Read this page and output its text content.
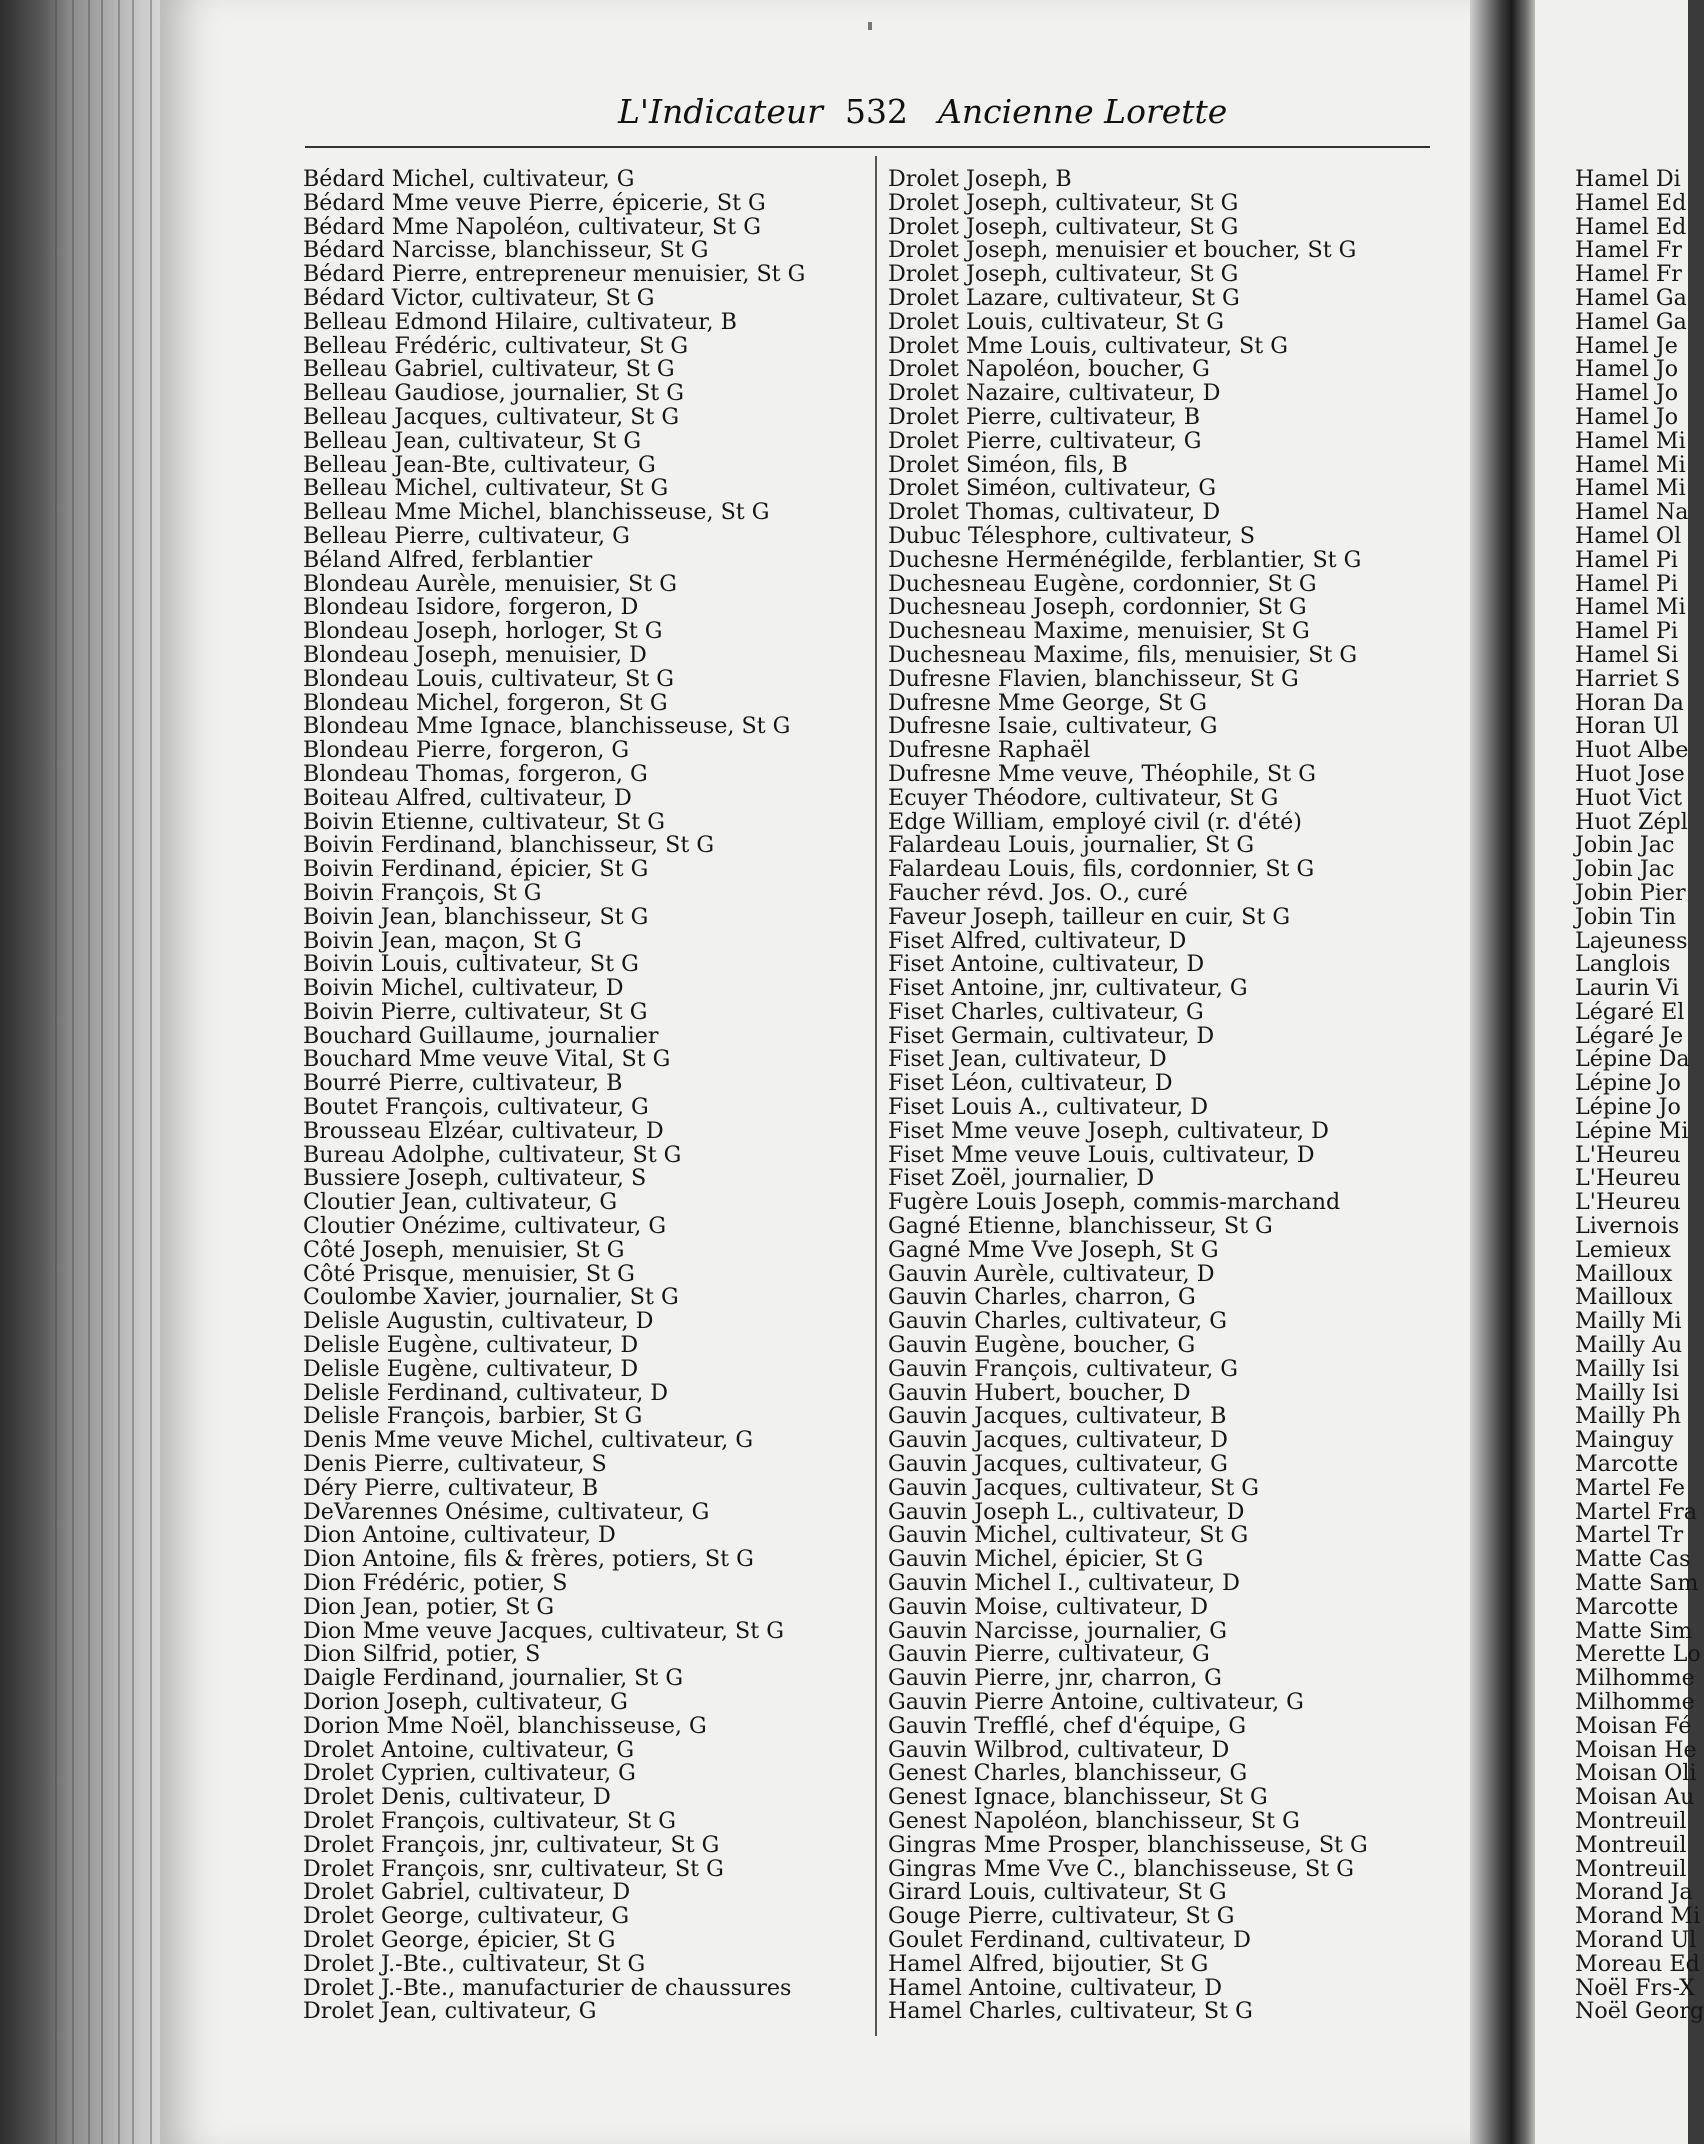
L'Indicateur 532 Ancienne Lorette
Bédard Michel, cultivateur, G
Bédard Mme veuve Pierre, épicerie, St G
Bédard Mme Napoléon, cultivateur, St G
Bédard Narcisse, blanchisseur, St G
Bédard Pierre, entrepreneur menuisier, St G
Bédard Victor, cultivateur, St G
Belleau Edmond Hilaire, cultivateur, B
Belleau Frédéric, cultivateur, St G
Belleau Gabriel, cultivateur, St G
Belleau Gaudiose, journalier, St G
Belleau Jacques, cultivateur, St G
Belleau Jean, cultivateur, St G
Belleau Jean-Bte, cultivateur, G
Belleau Michel, cultivateur, St G
Belleau Mme Michel, blanchisseuse, St G
Belleau Pierre, cultivateur, G
Béland Alfred, ferblantier
Blondeau Aurèle, menuisier, St G
Blondeau Isidore, forgeron, D
Blondeau Joseph, horloger, St G
Blondeau Joseph, menuisier, D
Blondeau Louis, cultivateur, St G
Blondeau Michel, forgeron, St G
Blondeau Mme Ignace, blanchisseuse, St G
Blondeau Pierre, forgeron, G
Blondeau Thomas, forgeron, G
Boiteau Alfred, cultivateur, D
Boivin Etienne, cultivateur, St G
Boivin Ferdinand, blanchisseur, St G
Boivin Ferdinand, épicier, St G
Boivin François, St G
Boivin Jean, blanchisseur, St G
Boivin Jean, maçon, St G
Boivin Louis, cultivateur, St G
Boivin Michel, cultivateur, D
Boivin Pierre, cultivateur, St G
Bouchard Guillaume, journalier
Bouchard Mme veuve Vital, St G
Bourré Pierre, cultivateur, B
Boutet François, cultivateur, G
Brousseau Elzéar, cultivateur, D
Bureau Adolphe, cultivateur, St G
Bussiere Joseph, cultivateur, S
Cloutier Jean, cultivateur, G
Cloutier Onézime, cultivateur, G
Côté Joseph, menuisier, St G
Côté Prisque, menuisier, St G
Coulombe Xavier, journalier, St G
Delisle Augustin, cultivateur, D
Delisle Eugène, cultivateur, D
Delisle Eugène, cultivateur, D
Delisle Ferdinand, cultivateur, D
Delisle François, barbier, St G
Denis Mme veuve Michel, cultivateur, G
Denis Pierre, cultivateur, S
Déry Pierre, cultivateur, B
DeVarennes Onésime, cultivateur, G
Dion Antoine, cultivateur, D
Dion Antoine, fils & frères, potiers, St G
Dion Frédéric, potier, S
Dion Jean, potier, St G
Dion Mme veuve Jacques, cultivateur, St G
Dion Silfrid, potier, S
Daigle Ferdinand, journalier, St G
Dorion Joseph, cultivateur, G
Dorion Mme Noël, blanchisseuse, G
Drolet Antoine, cultivateur, G
Drolet Cyprien, cultivateur, G
Drolet Denis, cultivateur, D
Drolet François, cultivateur, St G
Drolet François, jnr, cultivateur, St G
Drolet François, snr, cultivateur, St G
Drolet Gabriel, cultivateur, D
Drolet George, cultivateur, G
Drolet George, épicier, St G
Drolet J.-Bte., cultivateur, St G
Drolet J.-Bte., manufacturier de chaussures
Drolet Jean, cultivateur, G
Drolet Joseph, B
Drolet Joseph, cultivateur, St G
Drolet Joseph, cultivateur, St G
Drolet Joseph, menuisier et boucher, St G
Drolet Joseph, cultivateur, St G
Drolet Lazare, cultivateur, St G
Drolet Louis, cultivateur, St G
Drolet Mme Louis, cultivateur, St G
Drolet Napoléon, boucher, G
Drolet Nazaire, cultivateur, D
Drolet Pierre, cultivateur, B
Drolet Pierre, cultivateur, G
Drolet Siméon, fils, B
Drolet Siméon, cultivateur, G
Drolet Thomas, cultivateur, D
Dubuc Télesphore, cultivateur, S
Duchesne Herménégilde, ferblantier, St G
Duchesneau Eugène, cordonnier, St G
Duchesneau Joseph, cordonnier, St G
Duchesneau Maxime, menuisier, St G
Duchesneau Maxime, fils, menuisier, St G
Dufresne Flavien, blanchisseur, St G
Dufresne Mme George, St G
Dufresne Isaie, cultivateur, G
Dufresne Raphaël
Dufresne Mme veuve, Théophile, St G
Ecuyer Théodore, cultivateur, St G
Edge William, employé civil (r. d'été)
Falardeau Louis, journalier, St G
Falardeau Louis, fils, cordonnier, St G
Faucher révd. Jos. O., curé
Faveur Joseph, tailleur en cuir, St G
Fiset Alfred, cultivateur, D
Fiset Antoine, cultivateur, D
Fiset Antoine, jnr, cultivateur, G
Fiset Charles, cultivateur, G
Fiset Germain, cultivateur, D
Fiset Jean, cultivateur, D
Fiset Léon, cultivateur, D
Fiset Louis A., cultivateur, D
Fiset Mme veuve Joseph, cultivateur, D
Fiset Mme veuve Louis, cultivateur, D
Fiset Zoël, journalier, D
Fugère Louis Joseph, commis-marchand
Gagné Etienne, blanchisseur, St G
Gagné Mme Vve Joseph, St G
Gauvin Aurèle, cultivateur, D
Gauvin Charles, charron, G
Gauvin Charles, cultivateur, G
Gauvin Eugène, boucher, G
Gauvin François, cultivateur, G
Gauvin Hubert, boucher, D
Gauvin Jacques, cultivateur, B
Gauvin Jacques, cultivateur, D
Gauvin Jacques, cultivateur, G
Gauvin Jacques, cultivateur, St G
Gauvin Joseph L., cultivateur, D
Gauvin Michel, cultivateur, St G
Gauvin Michel, épicier, St G
Gauvin Michel I., cultivateur, D
Gauvin Moise, cultivateur, D
Gauvin Narcisse, journalier, G
Gauvin Pierre, cultivateur, G
Gauvin Pierre, jnr, charron, G
Gauvin Pierre Antoine, cultivateur, G
Gauvin Trefflé, chef d'équipe, G
Gauvin Wilbrod, cultivateur, D
Genest Charles, blanchisseur, G
Genest Ignace, blanchisseur, St G
Genest Napoléon, blanchisseur, St G
Gingras Mme Prosper, blanchisseuse, St G
Gingras Mme Vve C., blanchisseuse, St G
Girard Louis, cultivateur, St G
Gouge Pierre, cultivateur, St G
Goulet Ferdinand, cultivateur, D
Hamel Alfred, bijoutier, St G
Hamel Antoine, cultivateur, D
Hamel Charles, cultivateur, St G
Hamel Di
Hamel Ed
Hamel Ed
Hamel Fr
Hamel Fr
Hamel Ga
Hamel Ga
Hamel Je
Hamel Jo
Hamel Jo
Hamel Jo
Hamel Mi
Hamel Mi
Hamel Mi
Hamel Na
Hamel Ol
Hamel Pi
Hamel Pi
Hamel Mi
Hamel Pi
Hamel Si
Harriet S
Horan Da
Horan Ul
Huot Albe
Huot Jose
Huot Vict
Huot Zépl
Jobin Jac
Jobin Jac
Jobin Pier
Jobin Tin
Lajeuness
Langlois
Laurin Vi
Légaré El
Légaré Je
Lépine Da
Lépine Jo
Lépine Jo
Lépine Mi
L'Heureu
L'Heureu
L'Heureu
Livernois
Lemieux
Mailloux
Mailloux
Mailly Mi
Mailly Au
Mailly Isi
Mailly Isi
Mailly Ph
Mainguy
Marcotte
Martel Fe
Martel Fra
Martel Tr
Matte Cas
Matte Sam
Marcotte
Matte Sim
Merette Lo
Milhomme
Milhomme
Moisan Fé
Moisan He
Moisan Oli
Moisan Au
Montreuil
Montreuil
Montreuil
Morand Ja
Morand Mi
Morand Ul
Moreau Ed
Noël Frs-X
Noël Georg
